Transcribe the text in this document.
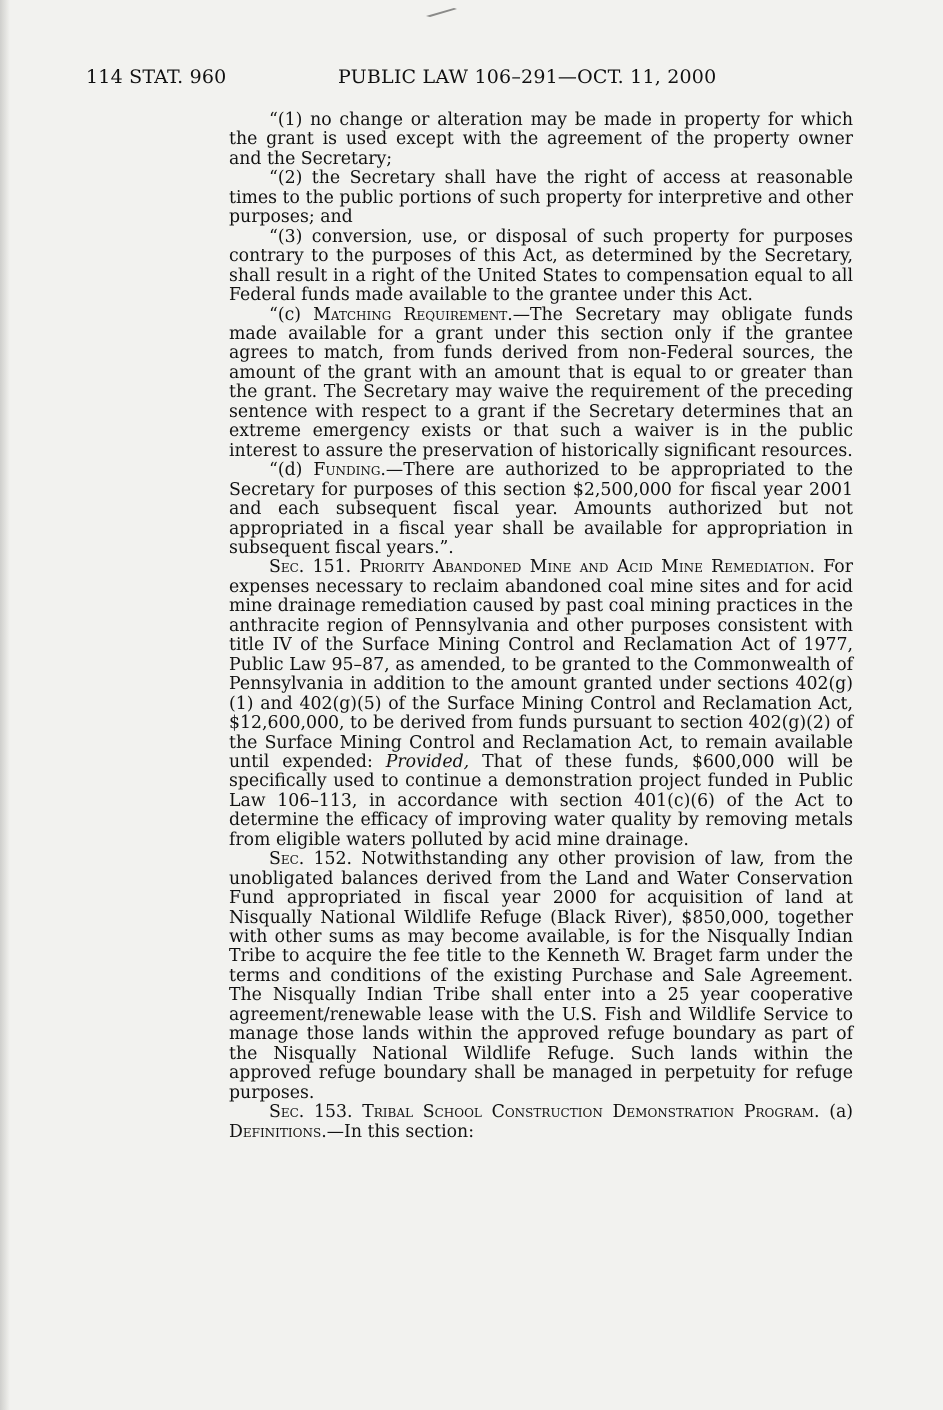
114 STAT. 960	PUBLIC LAW 106–291—OCT. 11, 2000

“(1) no change or alteration may be made in property for which the grant is used except with the agreement of the property owner and the Secretary;

“(2) the Secretary shall have the right of access at reasonable times to the public portions of such property for interpretive and other purposes; and

“(3) conversion, use, or disposal of such property for purposes contrary to the purposes of this Act, as determined by the Secretary, shall result in a right of the United States to compensation equal to all Federal funds made available to the grantee under this Act.

“(c) Matching Requirement.—The Secretary may obligate funds made available for a grant under this section only if the grantee agrees to match, from funds derived from non-Federal sources, the amount of the grant with an amount that is equal to or greater than the grant. The Secretary may waive the requirement of the preceding sentence with respect to a grant if the Secretary determines that an extreme emergency exists or that such a waiver is in the public interest to assure the preservation of historically significant resources.

“(d) Funding.—There are authorized to be appropriated to the Secretary for purposes of this section $2,500,000 for fiscal year 2001 and each subsequent fiscal year. Amounts authorized but not appropriated in a fiscal year shall be available for appropriation in subsequent fiscal years.”.

Sec. 151. Priority Abandoned Mine and Acid Mine Remediation. For expenses necessary to reclaim abandoned coal mine sites and for acid mine drainage remediation caused by past coal mining practices in the anthracite region of Pennsylvania and other purposes consistent with title IV of the Surface Mining Control and Reclamation Act of 1977, Public Law 95–87, as amended, to be granted to the Commonwealth of Pennsylvania in addition to the amount granted under sections 402(g)(1) and 402(g)(5) of the Surface Mining Control and Reclamation Act, $12,600,000, to be derived from funds pursuant to section 402(g)(2) of the Surface Mining Control and Reclamation Act, to remain available until expended: Provided, That of these funds, $600,000 will be specifically used to continue a demonstration project funded in Public Law 106–113, in accordance with section 401(c)(6) of the Act to determine the efficacy of improving water quality by removing metals from eligible waters polluted by acid mine drainage.

Sec. 152. Notwithstanding any other provision of law, from the unobligated balances derived from the Land and Water Conservation Fund appropriated in fiscal year 2000 for acquisition of land at Nisqually National Wildlife Refuge (Black River), $850,000, together with other sums as may become available, is for the Nisqually Indian Tribe to acquire the fee title to the Kenneth W. Braget farm under the terms and conditions of the existing Purchase and Sale Agreement. The Nisqually Indian Tribe shall enter into a 25 year cooperative agreement/renewable lease with the U.S. Fish and Wildlife Service to manage those lands within the approved refuge boundary as part of the Nisqually National Wildlife Refuge. Such lands within the approved refuge boundary shall be managed in perpetuity for refuge purposes.

Sec. 153. Tribal School Construction Demonstration Program. (a) Definitions.—In this section:
